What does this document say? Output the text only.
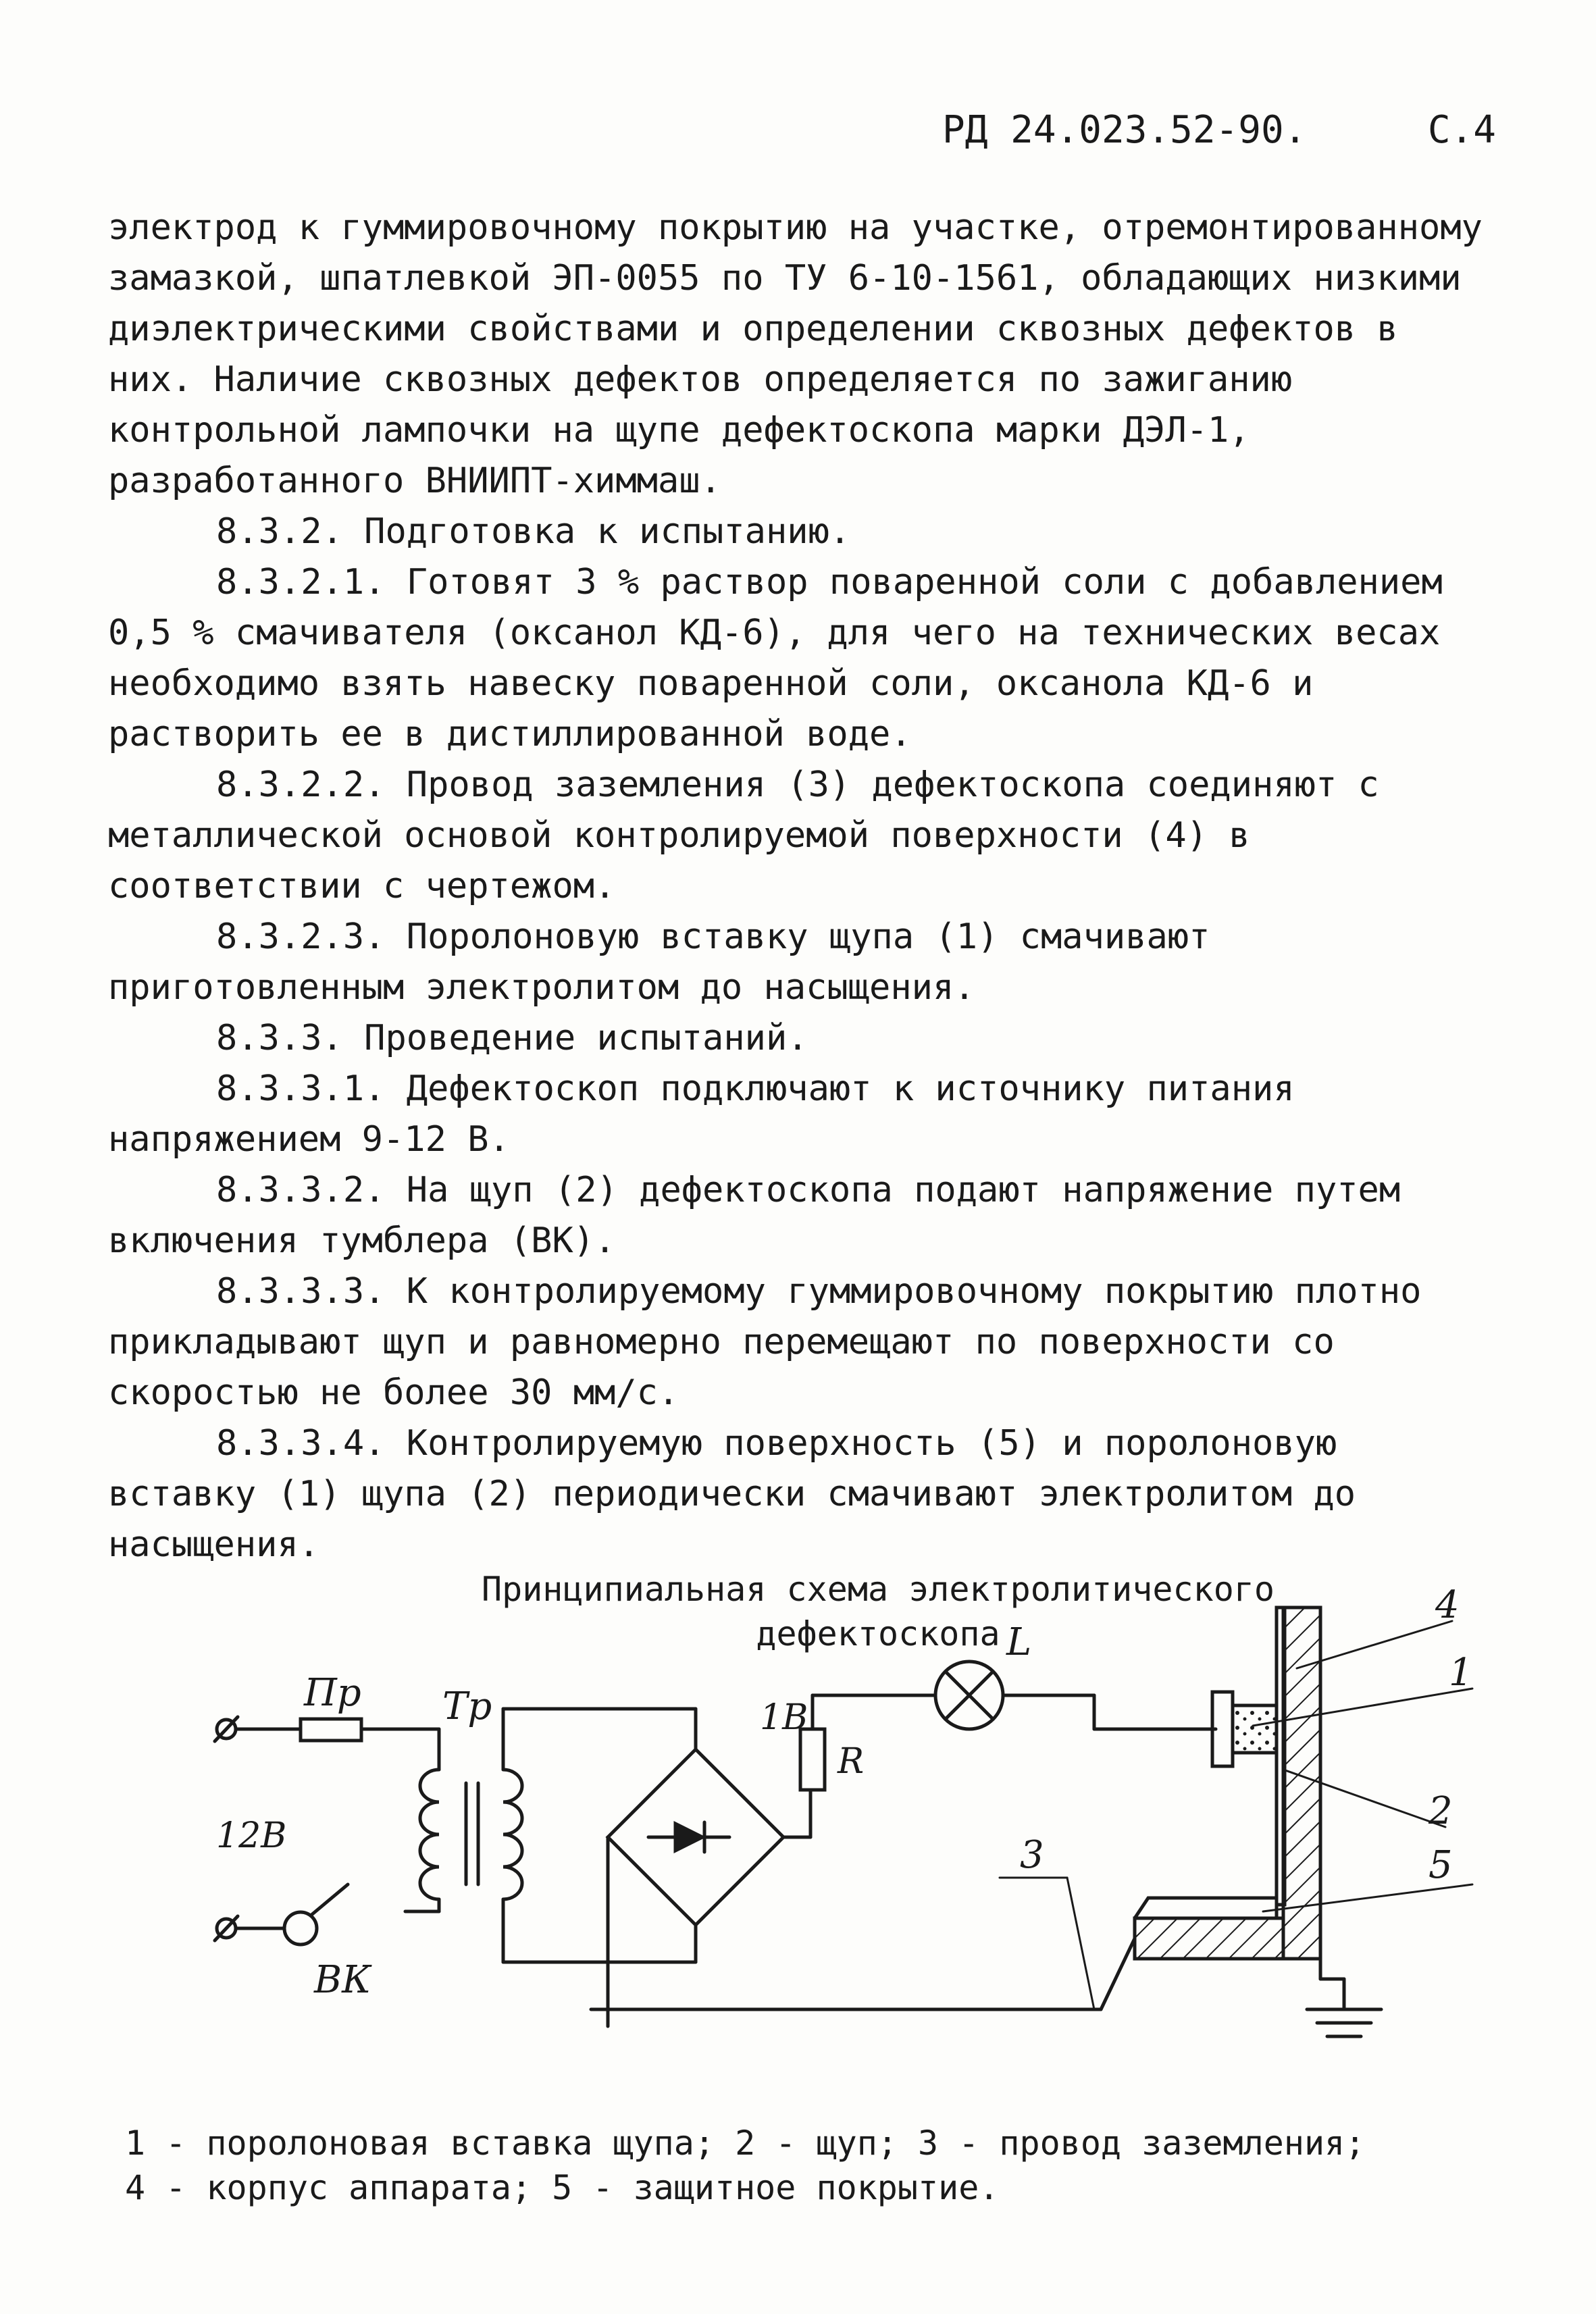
РД 24.023.52-90.	С.4

электрод к гуммировочному покрытию на участке, отремонтированному замазкой, шпатлевкой ЭП-0055 по ТУ 6-10-1561, обладающих низкими диэлектрическими свойствами и определении сквозных дефектов в них. Наличие сквозных дефектов определяется по зажиганию контрольной лампочки на щупе дефектоскопа марки ДЭЛ-1, разработанного ВНИИПТ-химмаш.

8.3.2. Подготовка к испытанию.

8.3.2.1. Готовят 3 % раствор поваренной соли с добавлением 0,5 % смачивателя (оксанол КД-6), для чего на технических весах необходимо взять навеску поваренной соли, оксанола КД-6 и растворить ее в дистиллированной воде.

8.3.2.2. Провод заземления (3) дефектоскопа соединяют с металлической основой контролируемой поверхности (4) в соответствии с чертежом.

8.3.2.3. Поролоновую вставку щупа (1) смачивают приготовленным электролитом до насыщения.

8.3.3. Проведение испытаний.

8.3.3.1. Дефектоскоп подключают к источнику питания напряжением 9-12 В.

8.3.3.2. На щуп (2) дефектоскопа подают напряжение путем включения тумблера (ВК).

8.3.3.3. К контролируемому гуммировочному покрытию плотно прикладывают щуп и равномерно перемещают по поверхности со скоростью не более 30 мм/с.

8.3.3.4. Контролируемую поверхность (5) и поролоновую вставку (1) щупа (2) периодически смачивают электролитом до насыщения.

Принципиальная схема электролитического
дефектоскопа
Пр Тр
12В
ВК
1В
R
L
4
1
2
5
3
1 - поролоновая вставка щупа; 2 - щуп; 3 - провод заземления;
4 - корпус аппарата; 5 - защитное покрытие.
